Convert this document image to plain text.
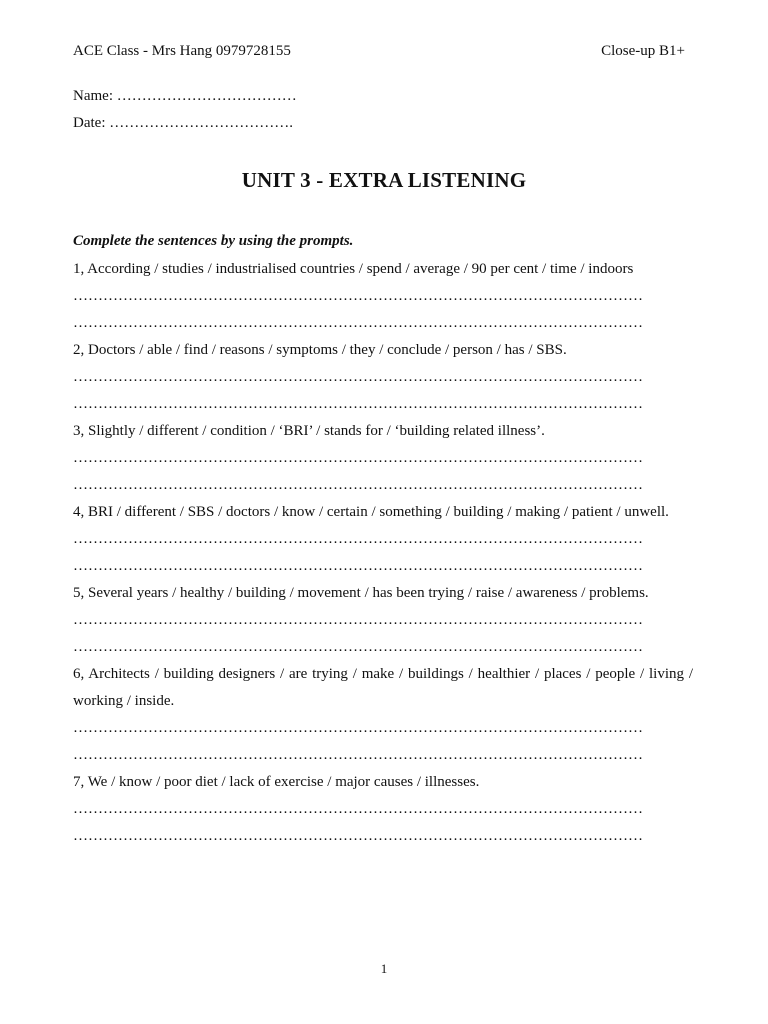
ACE Class - Mrs Hang 0979728155	Close-up B1+
Name: ………………………………
Date: ……………………………….
UNIT 3 - EXTRA LISTENING
Complete the sentences by using the prompts.
1, According / studies / industrialised countries / spend / average / 90 per cent / time / indoors
……………………………………………………………………………………………………
……………………………………………………………………………………………………
2, Doctors / able / find / reasons / symptoms / they / conclude / person / has / SBS.
……………………………………………………………………………………………………
……………………………………………………………………………………………………
3, Slightly / different / condition / ‘BRI’ / stands for / ‘building related illness’.
……………………………………………………………………………………………………
……………………………………………………………………………………………………
4, BRI / different / SBS / doctors / know / certain / something / building / making / patient / unwell.
……………………………………………………………………………………………………
……………………………………………………………………………………………………
5, Several years / healthy / building / movement / has been trying / raise / awareness / problems.
……………………………………………………………………………………………………
……………………………………………………………………………………………………
6, Architects / building designers / are trying / make / buildings / healthier / places / people / living / working / inside.
……………………………………………………………………………………………………
……………………………………………………………………………………………………
7, We / know / poor diet / lack of exercise / major causes / illnesses.
……………………………………………………………………………………………………
……………………………………………………………………………………………………
1
